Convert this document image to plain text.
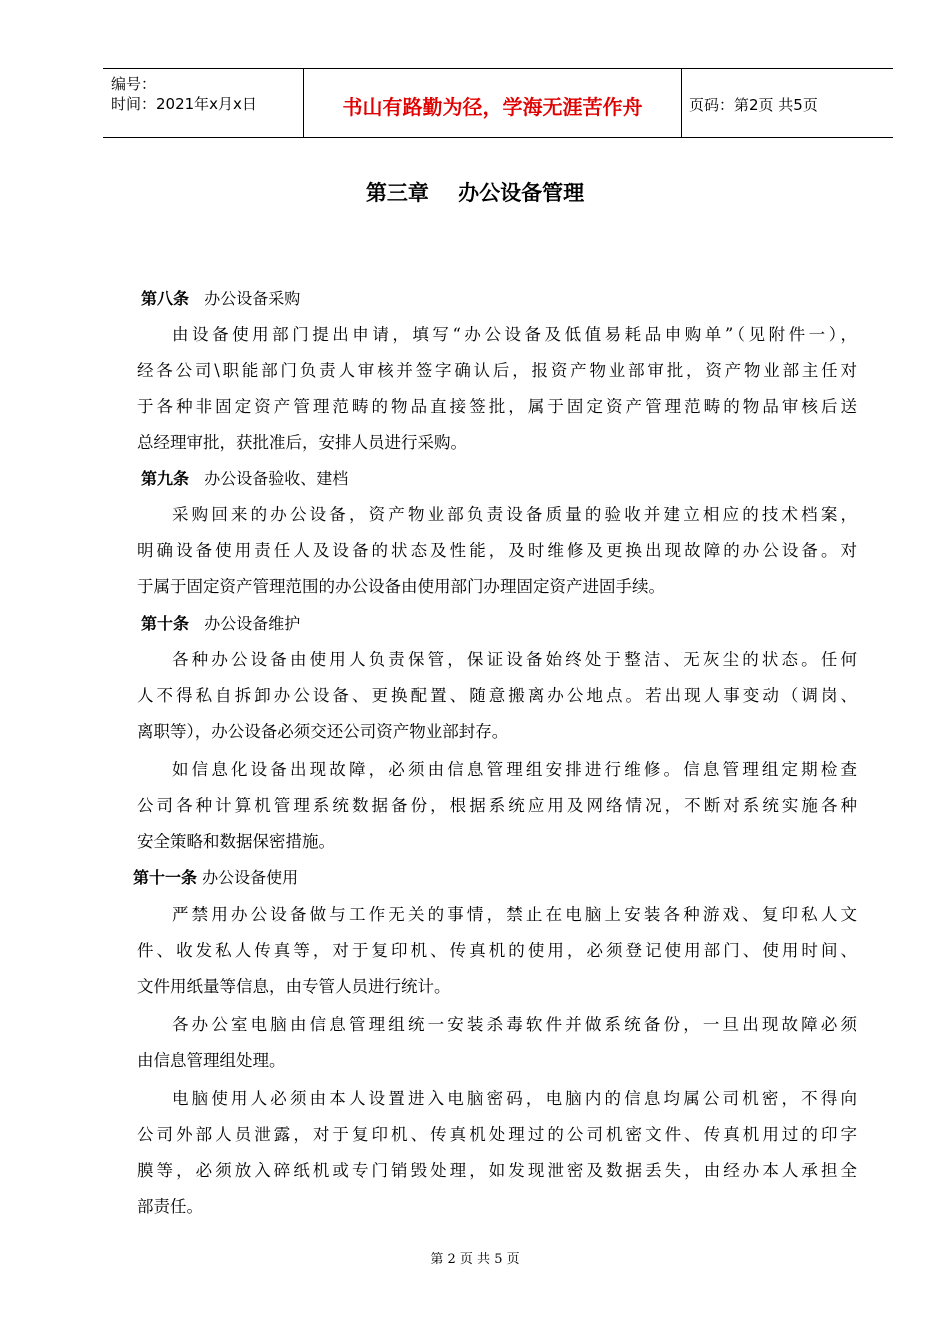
编号：
时间：2021年x月x日	书山有路勤为径，学海无涯苦作舟	页码：第2页 共5页
第三章    办公设备管理
第八条 办公设备采购
由设备使用部门提出申请，填写“办公设备及低值易耗品申购单”（见附件一），
经各公司\职能部门负责人审核并签字确认后，报资产物业部审批，资产物业部主任对
于各种非固定资产管理范畴的物品直接签批，属于固定资产管理范畴的物品审核后送
总经理审批，获批准后，安排人员进行采购。
第九条 办公设备验收、建档
采购回来的办公设备，资产物业部负责设备质量的验收并建立相应的技术档案，
明确设备使用责任人及设备的状态及性能，及时维修及更换出现故障的办公设备。对
于属于固定资产管理范围的办公设备由使用部门办理固定资产进固手续。
第十条 办公设备维护
各种办公设备由使用人负责保管，保证设备始终处于整洁、无灰尘的状态。任何
人不得私自拆卸办公设备、更换配置、随意搬离办公地点。若出现人事变动（调岗、
离职等），办公设备必须交还公司资产物业部封存。
如信息化设备出现故障，必须由信息管理组安排进行维修。信息管理组定期检查
公司各种计算机管理系统数据备份，根据系统应用及网络情况，不断对系统实施各种
安全策略和数据保密措施。
第十一条 办公设备使用
严禁用办公设备做与工作无关的事情，禁止在电脑上安装各种游戏、复印私人文
件、收发私人传真等，对于复印机、传真机的使用，必须登记使用部门、使用时间、
文件用纸量等信息，由专管人员进行统计。
各办公室电脑由信息管理组统一安装杀毒软件并做系统备份，一旦出现故障必须
由信息管理组处理。
电脑使用人必须由本人设置进入电脑密码，电脑内的信息均属公司机密，不得向
公司外部人员泄露，对于复印机、传真机处理过的公司机密文件、传真机用过的印字
膜等，必须放入碎纸机或专门销毁处理，如发现泄密及数据丢失，由经办本人承担全
部责任。
第 2 页 共 5 页
